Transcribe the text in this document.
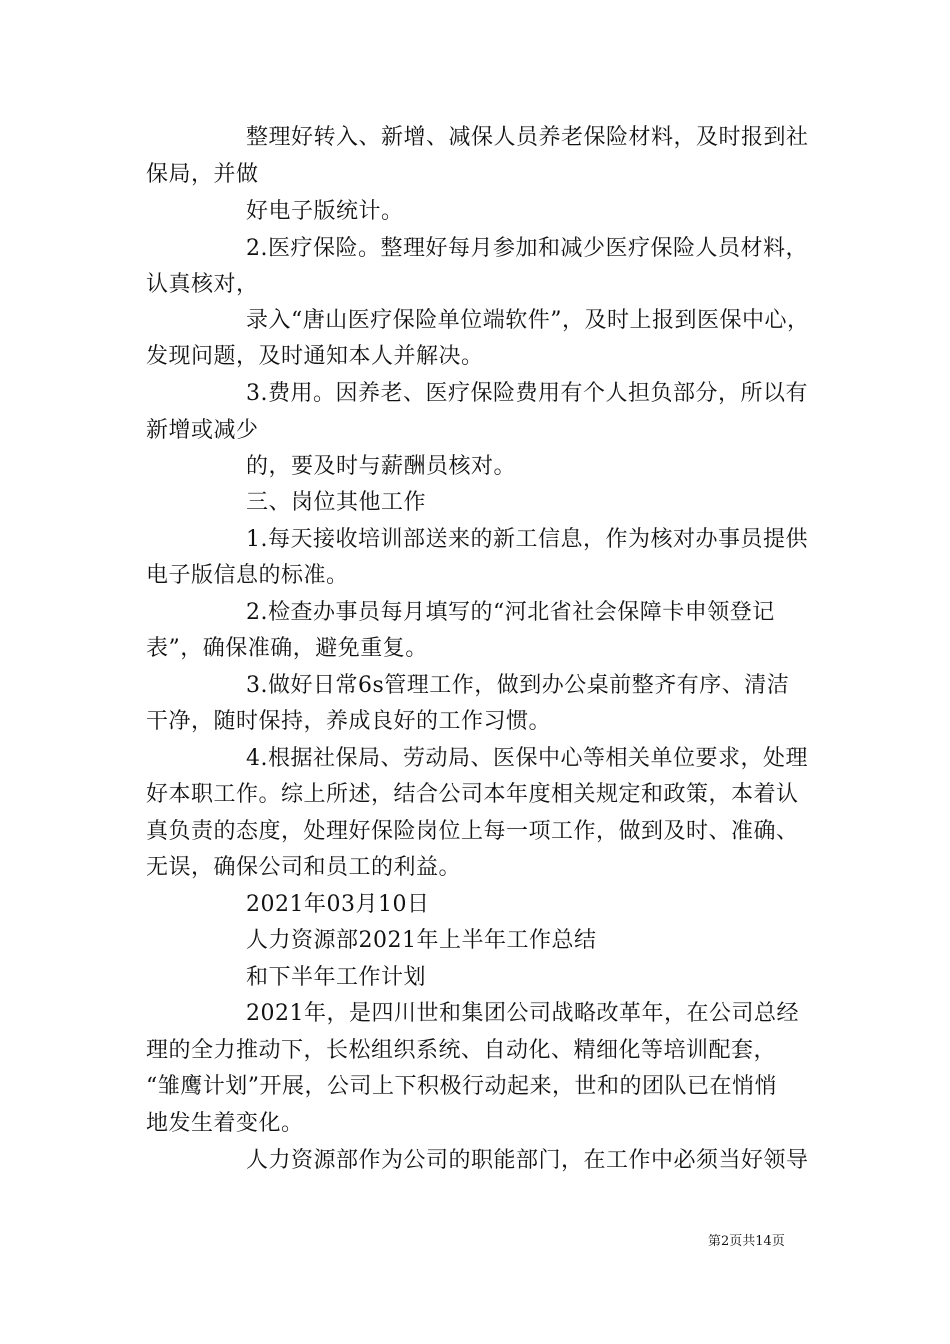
整理好转入、新增、减保人员养老保险材料，及时报到社
保局，并做
好电子版统计。
2.医疗保险。整理好每月参加和减少医疗保险人员材料，
认真核对，
录入“唐山医疗保险单位端软件”，及时上报到医保中心，
发现问题，及时通知本人并解决。
3.费用。因养老、医疗保险费用有个人担负部分，所以有
新增或减少
的，要及时与薪酬员核对。
三、岗位其他工作
1.每天接收培训部送来的新工信息，作为核对办事员提供
电子版信息的标准。
2.检查办事员每月填写的“河北省社会保障卡申领登记
表”，确保准确，避免重复。
3.做好日常6s管理工作，做到办公桌前整齐有序、清洁
干净，随时保持，养成良好的工作习惯。
4.根据社保局、劳动局、医保中心等相关单位要求，处理
好本职工作。综上所述，结合公司本年度相关规定和政策，本着认
真负责的态度，处理好保险岗位上每一项工作，做到及时、准确、
无误，确保公司和员工的利益。
2021年03月10日
人力资源部2021年上半年工作总结
和下半年工作计划
2021年，是四川世和集团公司战略改革年，在公司总经
理的全力推动下，长松组织系统、自动化、精细化等培训配套，
“雏鹰计划”开展，公司上下积极行动起来，世和的团队已在悄悄
地发生着变化。
人力资源部作为公司的职能部门，在工作中必须当好领导
第2页共14页
